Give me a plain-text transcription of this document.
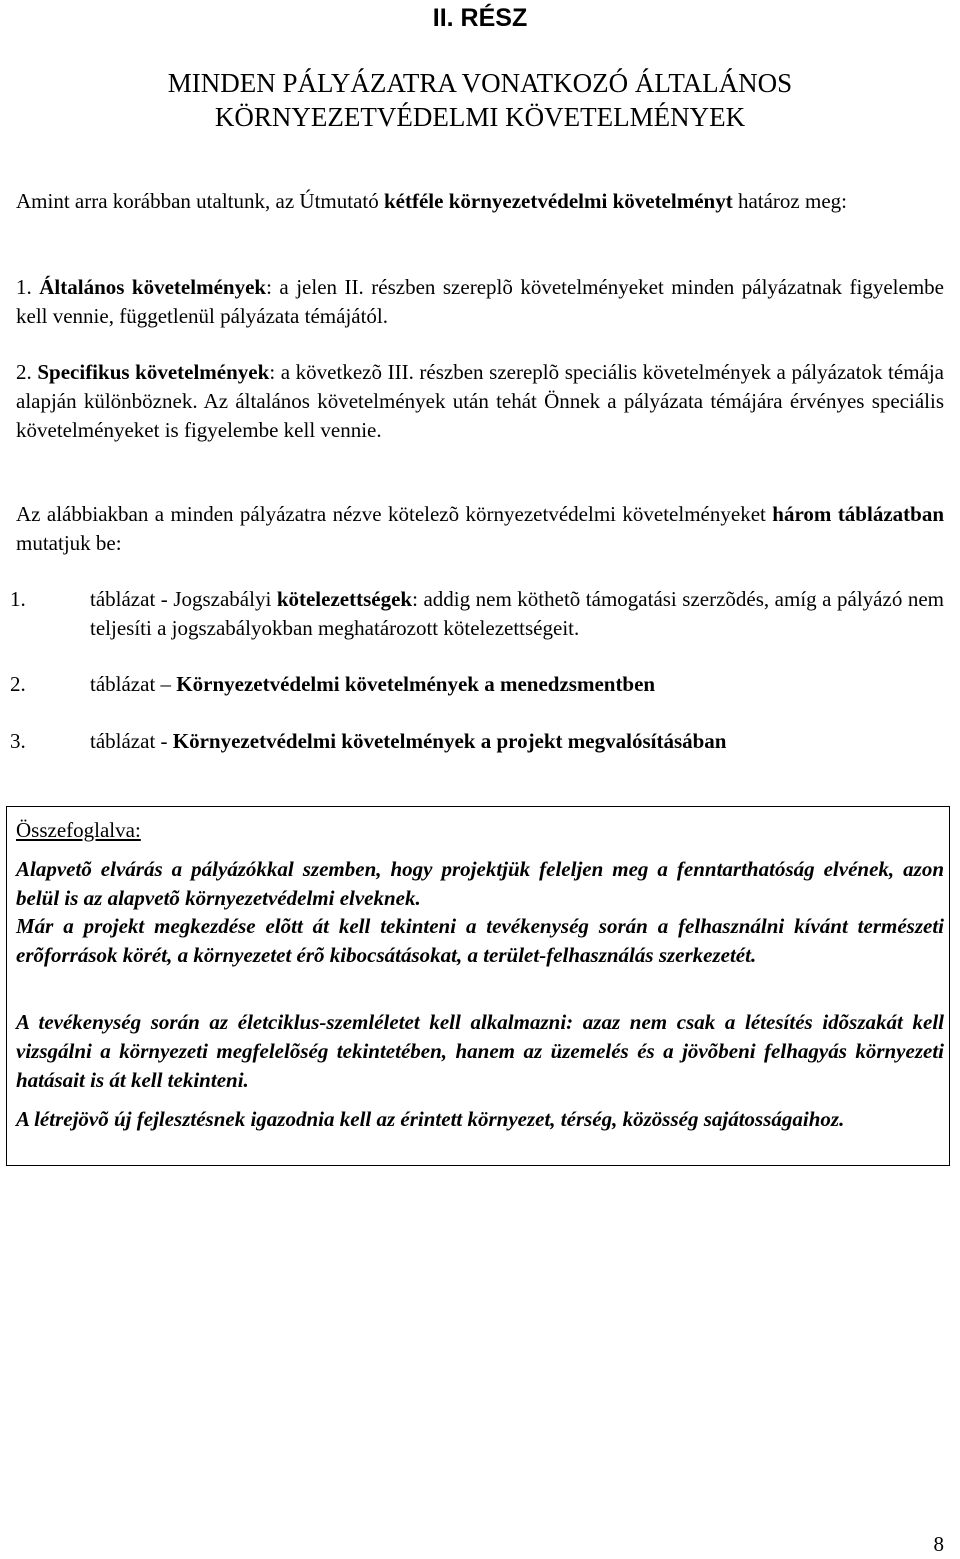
II. RÉSZ
MINDEN PÁLYÁZATRA VONATKOZÓ ÁLTALÁNOS
KÖRNYEZETVÉDELMI KÖVETELMÉNYEK
Amint arra korábban utaltunk, az Útmutató kétféle környezetvédelmi követelményt határoz meg:
1. Általános követelmények: a jelen II. részben szereplõ követelményeket minden pályázatnak figyelembe kell vennie, függetlenül pályázata témájától.
2. Specifikus követelmények: a következõ III. részben szereplõ speciális követelmények a pályázatok témája alapján különböznek. Az általános követelmények után tehát Önnek a pályázata témájára érvényes speciális követelményeket is figyelembe kell vennie.
Az alábbiakban a minden pályázatra nézve kötelezõ környezetvédelmi követelményeket három táblázatban mutatjuk be:
1.	táblázat - Jogszabályi kötelezettségek: addig nem köthetõ támogatási szerzõdés, amíg a pályázó nem teljesíti a jogszabályokban meghatározott kötelezettségeit.
2.	táblázat – Környezetvédelmi követelmények a menedzsmentben
3.	táblázat - Környezetvédelmi követelmények a projekt megvalósításában
Összefoglalva:
Alapvetõ elvárás a pályázókkal szemben, hogy projektjük feleljen meg a fenntarthatóság elvének, azon belül is az alapvetõ környezetvédelmi elveknek.
Már a projekt megkezdése elõtt át kell tekinteni a tevékenység során a felhasználni kívánt természeti erõforrások körét, a környezetet érõ kibocsátásokat, a terület-felhasználás szerkezetét.
A tevékenység során az életciklus-szemléletet kell alkalmazni: azaz nem csak a létesítés idõszakát kell vizsgálni a környezeti megfelelõség tekintetében, hanem az üzemelés és a jövõbeni felhagyás környezeti hatásait is át kell tekinteni.
A létrejövõ új fejlesztésnek igazodnia kell az érintett környezet, térség, közösség sajátosságaihoz.
8
